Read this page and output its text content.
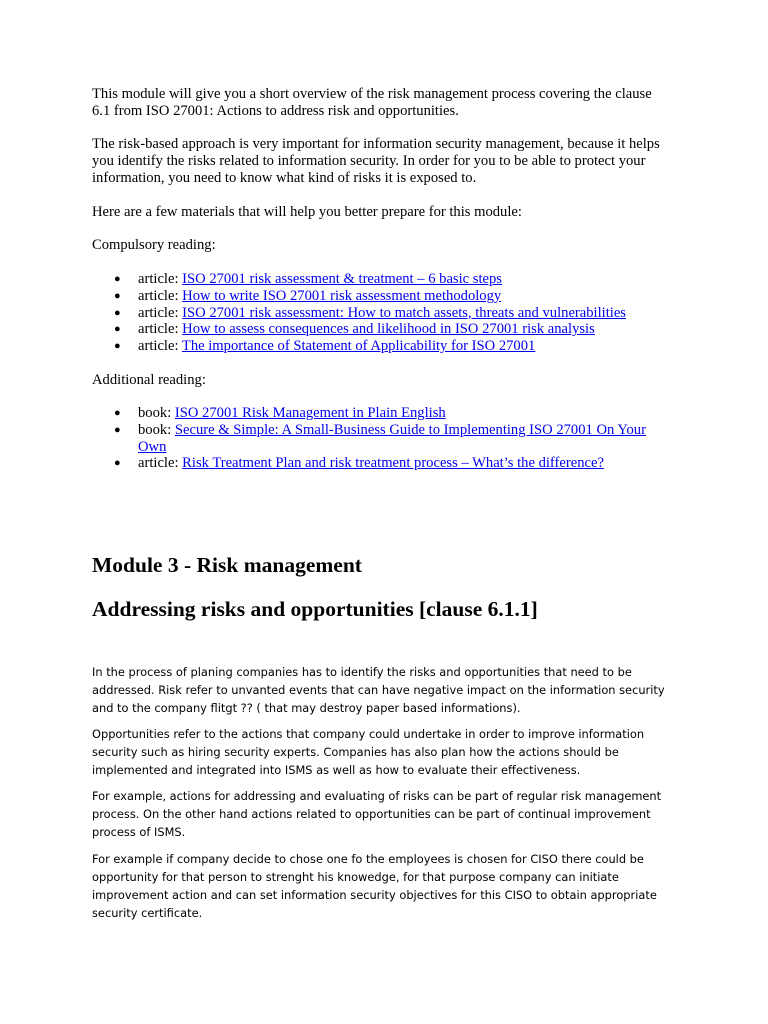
This module will give you a short overview of the risk management process covering the clause 6.1 from ISO 27001: Actions to address risk and opportunities.

The risk-based approach is very important for information security management, because it helps you identify the risks related to information security. In order for you to be able to protect your information, you need to know what kind of risks it is exposed to.

Here are a few materials that will help you better prepare for this module:

Compulsory reading:

● article: ISO 27001 risk assessment & treatment – 6 basic steps
● article: How to write ISO 27001 risk assessment methodology
● article: ISO 27001 risk assessment: How to match assets, threats and vulnerabilities
● article: How to assess consequences and likelihood in ISO 27001 risk analysis
● article: The importance of Statement of Applicability for ISO 27001

Additional reading:

● book: ISO 27001 Risk Management in Plain English
● book: Secure & Simple: A Small-Business Guide to Implementing ISO 27001 On Your Own
● article: Risk Treatment Plan and risk treatment process – What’s the difference?
Module 3 - Risk management
Addressing risks and opportunities [clause 6.1.1]

In the process of planing companies has to identify the risks and opportunities that need to be addressed. Risk refer to unvanted events that can have negative impact on the information security and to the company flitgt ?? ( that may destroy paper based informations).

Opportunities refer to the actions that company could undertake in order to improve information security such as hiring security experts. Companies has also plan how the actions should be implemented and integrated into ISMS as well as how to evaluate their effectiveness.

For example, actions for addressing and evaluating of risks can be part of regular risk management process. On the other hand actions related to opportunities can be part of continual improvement process of ISMS.

For example if company decide to chose one fo the employees is chosen for CISO there could be opportunity for that person to strenght his knowedge, for that purpose company can initiate improvement action and can set information security objectives for this CISO to obtain appropriate security certificate.
